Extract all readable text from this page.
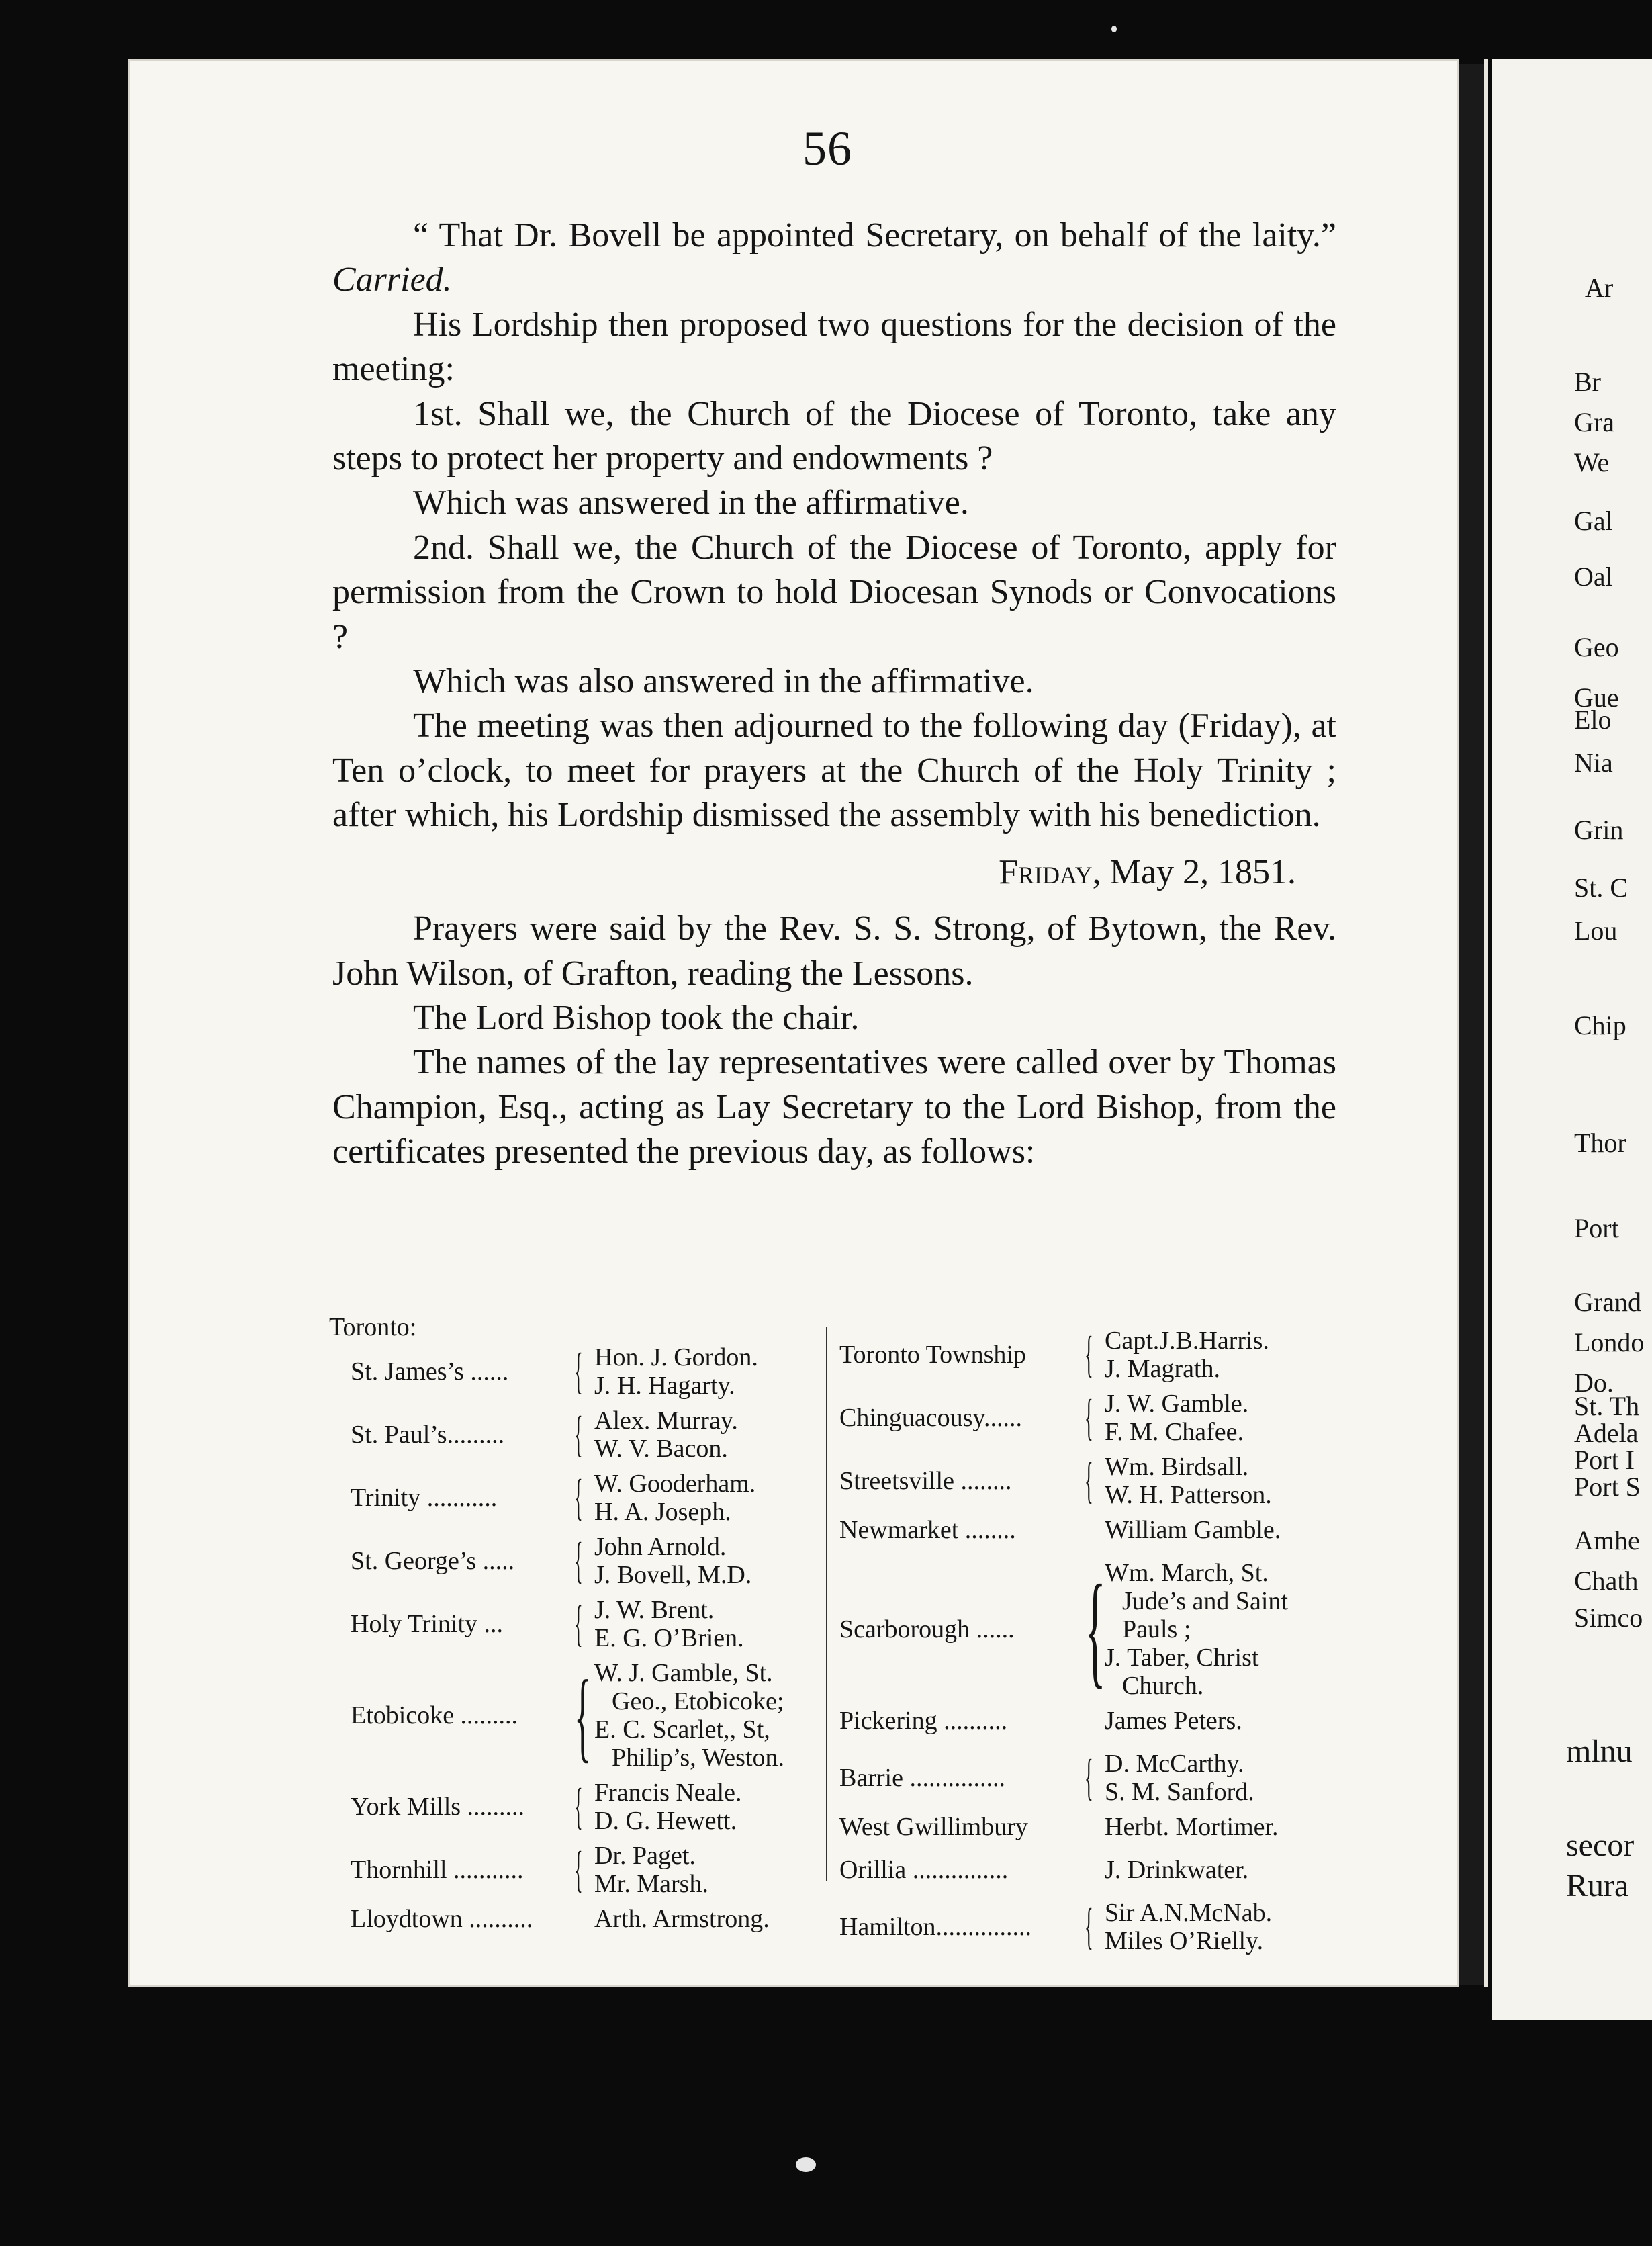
Ar
Br
Gra
We
Gal
Oal
Geo
Gue
Elo
Nia
Grin
St. C
Lou
Chip
Thor
Port
Grand
Londo
Do.
St. Th
Adela
Port I
Port S
Amhe
Chath
Simco
mlnu
secor
Rura
56

“ That Dr. Bovell be appointed Secretary, on behalf of the laity.” Carried.

His Lordship then proposed two questions for the decision of the meeting:

1st. Shall we, the Church of the Diocese of Toronto, take any steps to protect her property and endowments ?

Which was answered in the affirmative.

2nd. Shall we, the Church of the Diocese of Toronto, apply for permission from the Crown to hold Diocesan Synods or Convocations ?

Which was also answered in the affirmative.

The meeting was then adjourned to the following day (Friday), at Ten o’clock, to meet for prayers at the Church of the Holy Trinity ; after which, his Lordship dismissed the assembly with his benediction.

Friday, May 2, 1851.

Prayers were said by the Rev. S. S. Strong, of Bytown, the Rev. John Wilson, of Grafton, reading the Lessons.

The Lord Bishop took the chair.

The names of the lay representatives were called over by Thomas Champion, Esq., acting as Lay Secretary to the Lord Bishop, from the certificates presented the previous day, as follows:

Toronto:
St. James’s ...... { Hon. J. Gordon.
J. H. Hagarty.
St. Paul’s......... { Alex. Murray.
W. V. Bacon.
Trinity ........... { W. Gooderham.
H. A. Joseph.
St. George’s ..... { John Arnold.
J. Bovell, M.D.
Holy Trinity ... { J. W. Brent.
E. G. O’Brien.
Etobicoke ......... { W. J. Gamble, St.
Geo., Etobicoke;
E. C. Scarlet,, St,
Philip’s, Weston.
York Mills ......... { Francis Neale.
D. G. Hewett.
Thornhill ........... { Dr. Paget.
Mr. Marsh.
Lloydtown .......... Arth. Armstrong.
Toronto Township { Capt.J.B.Harris.
J. Magrath.
Chinguacousy...... { J. W. Gamble.
F. M. Chafee.
Streetsville ........ { Wm. Birdsall.
W. H. Patterson.
Newmarket ........	William Gamble.
Scarborough ...... {
Wm. March, St.
Jude’s and Saint
Pauls ;
J. Taber, Christ
Church.
Pickering ..........	James Peters.
Barrie ............... { D. McCarthy.
S. M. Sanford.
West Gwillimbury	Herbt. Mortimer.
Orillia ...............	J. Drinkwater.
Hamilton............... { Sir A.N.McNab.
Miles O’Rielly.
